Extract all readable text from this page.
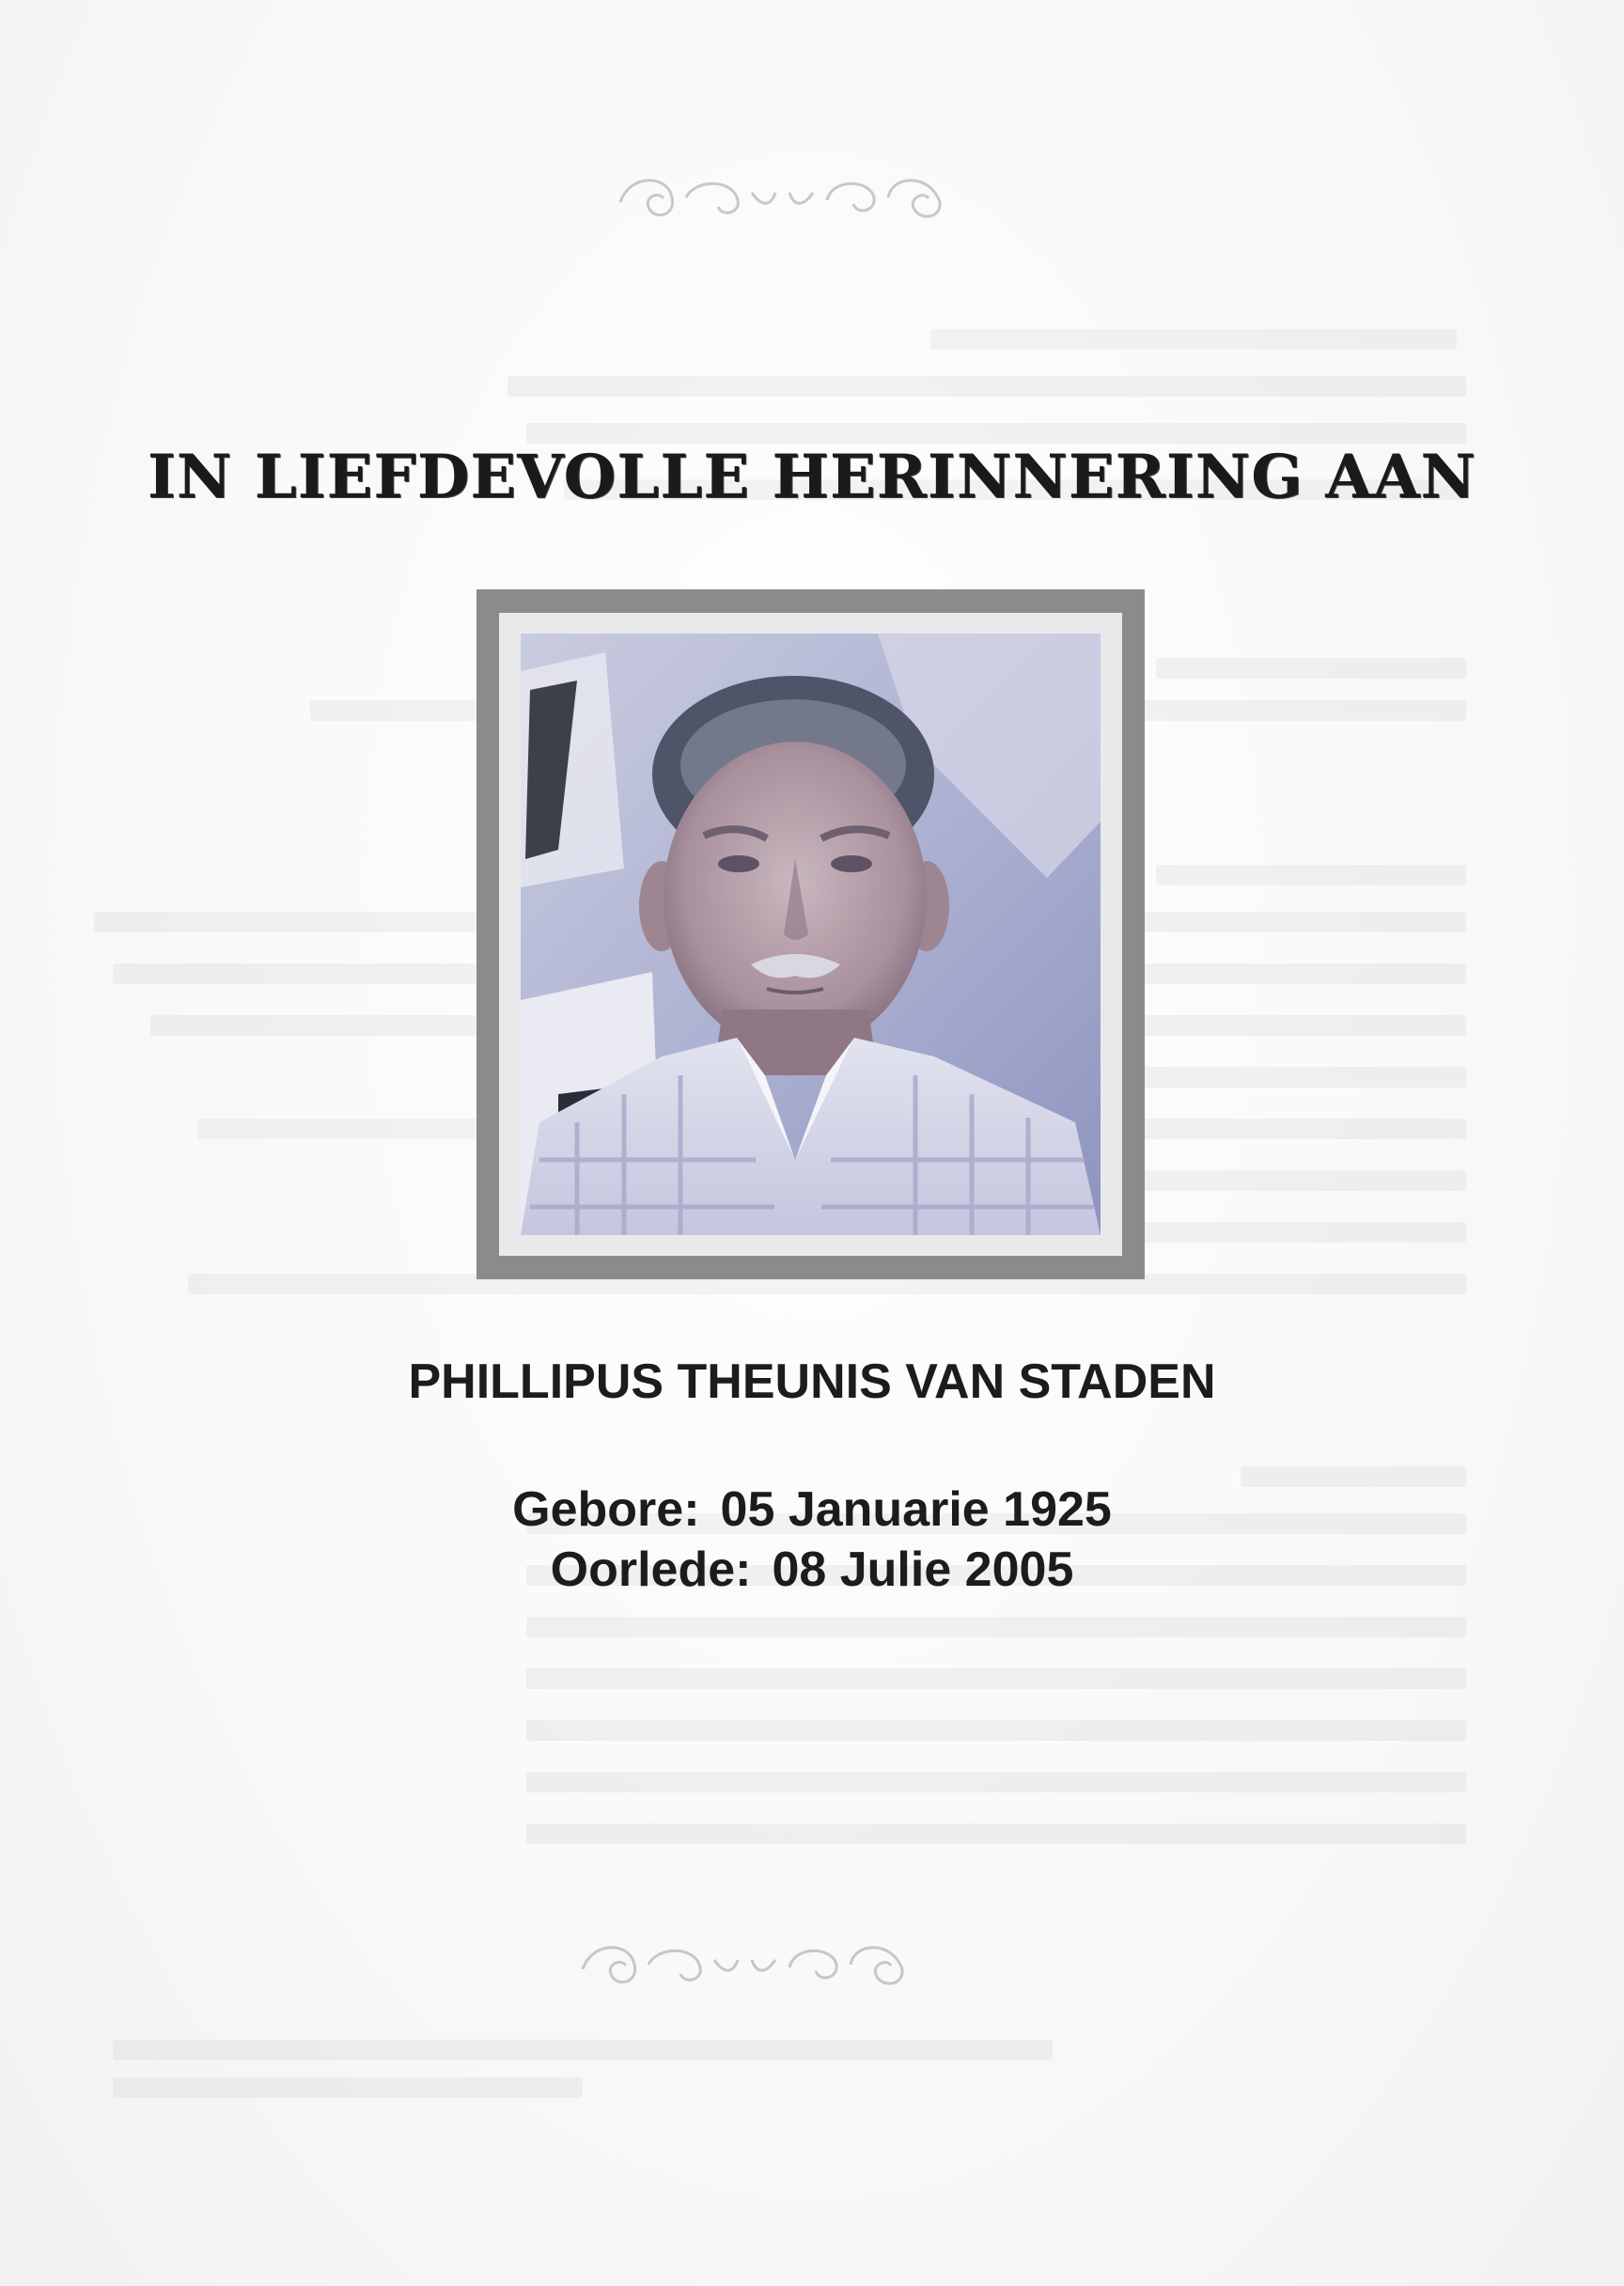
IN LIEFDEVOLLE HERINNERING AAN
PHILLIPUS THEUNIS VAN STADEN
Gebore: 05 Januarie 1925
Oorlede: 08 Julie 2005
